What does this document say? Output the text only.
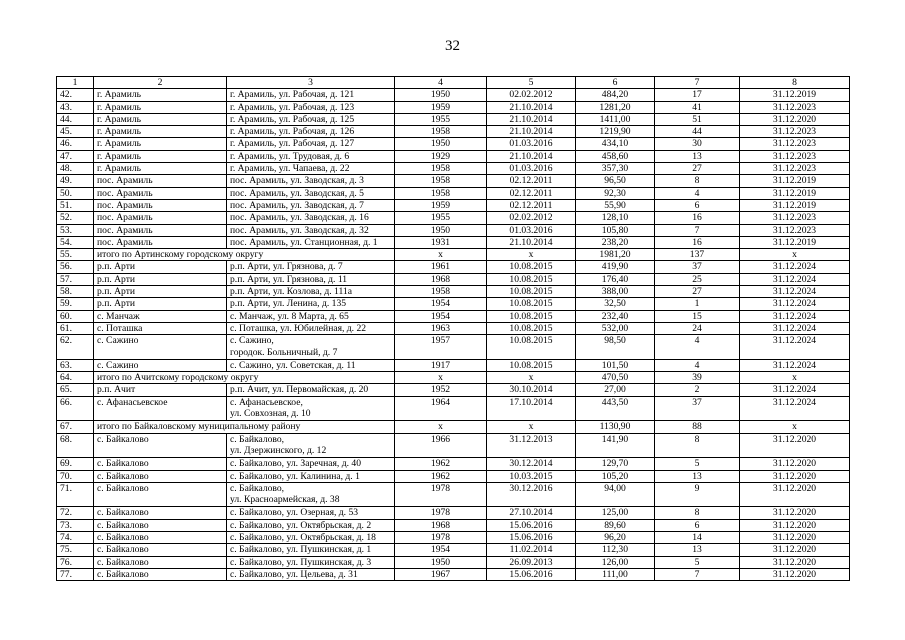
32
1	2	3	4	5	6	7	8
42.	г. Арамиль	г. Арамиль, ул. Рабочая, д. 121	1950	02.02.2012	484,20	17	31.12.2019
43.	г. Арамиль	г. Арамиль, ул. Рабочая, д. 123	1959	21.10.2014	1281,20	41	31.12.2023
44.	г. Арамиль	г. Арамиль, ул. Рабочая, д. 125	1955	21.10.2014	1411,00	51	31.12.2020
45.	г. Арамиль	г. Арамиль, ул. Рабочая, д. 126	1958	21.10.2014	1219,90	44	31.12.2023
46.	г. Арамиль	г. Арамиль, ул. Рабочая, д. 127	1950	01.03.2016	434,10	30	31.12.2023
47.	г. Арамиль	г. Арамиль, ул. Трудовая, д. 6	1929	21.10.2014	458,60	13	31.12.2023
48.	г. Арамиль	г. Арамиль, ул. Чапаева, д. 22	1958	01.03.2016	357,30	27	31.12.2023
49.	пос. Арамиль	пос. Арамиль, ул. Заводская, д. 3	1958	02.12.2011	96,50	8	31.12.2019
50.	пос. Арамиль	пос. Арамиль, ул. Заводская, д. 5	1958	02.12.2011	92,30	4	31.12.2019
51.	пос. Арамиль	пос. Арамиль, ул. Заводская, д. 7	1959	02.12.2011	55,90	6	31.12.2019
52.	пос. Арамиль	пос. Арамиль, ул. Заводская, д. 16	1955	02.02.2012	128,10	16	31.12.2023
53.	пос. Арамиль	пос. Арамиль, ул. Заводская, д. 32	1950	01.03.2016	105,80	7	31.12.2023
54.	пос. Арамиль	пос. Арамиль, ул. Станционная, д. 1	1931	21.10.2014	238,20	16	31.12.2019
55.	итого по Артинскому городскому округу		x	x	1981,20	137	x
56.	р.п. Арти	р.п. Арти, ул. Грязнова, д. 7	1961	10.08.2015	419,90	37	31.12.2024
57.	р.п. Арти	р.п. Арти, ул. Грязнова, д. 11	1968	10.08.2015	176,40	25	31.12.2024
58.	р.п. Арти	р.п. Арти, ул. Козлова, д. 111а	1958	10.08.2015	388,00	27	31.12.2024
59.	р.п. Арти	р.п. Арти, ул. Ленина, д. 135	1954	10.08.2015	32,50	1	31.12.2024
60.	с. Манчаж	с. Манчаж, ул. 8 Марта, д. 65	1954	10.08.2015	232,40	15	31.12.2024
61.	с. Поташка	с. Поташка, ул. Юбилейная, д. 22	1963	10.08.2015	532,00	24	31.12.2024
62.	с. Сажино	с. Сажино,
городок. Больничный, д. 7	1957	10.08.2015	98,50	4	31.12.2024
63.	с. Сажино	с. Сажино, ул. Советская, д. 11	1917	10.08.2015	101,50	4	31.12.2024
64.	итого по Ачитскому городскому округу		x	x	470,50	39	x
65.	р.п. Ачит	р.п. Ачит, ул. Первомайская, д. 20	1952	30.10.2014	27,00	2	31.12.2024
66.	с. Афанасьевское	с. Афанасьевское,
ул. Совхозная, д. 10	1964	17.10.2014	443,50	37	31.12.2024
67.	итого по Байкаловскому муниципальному району		x	x	1130,90	88	x
68.	с. Байкалово	с. Байкалово,
ул. Дзержинского, д. 12	1966	31.12.2013	141,90	8	31.12.2020
69.	с. Байкалово	с. Байкалово, ул. Заречная, д. 40	1962	30.12.2014	129,70	5	31.12.2020
70.	с. Байкалово	с. Байкалово, ул. Калинина, д. 1	1962	10.03.2015	105,20	13	31.12.2020
71.	с. Байкалово	с. Байкалово,
ул. Красноармейская, д. 38	1978	30.12.2016	94,00	9	31.12.2020
72.	с. Байкалово	с. Байкалово, ул. Озерная, д. 53	1978	27.10.2014	125,00	8	31.12.2020
73.	с. Байкалово	с. Байкалово, ул. Октябрьская, д. 2	1968	15.06.2016	89,60	6	31.12.2020
74.	с. Байкалово	с. Байкалово, ул. Октябрьская, д. 18	1978	15.06.2016	96,20	14	31.12.2020
75.	с. Байкалово	с. Байкалово, ул. Пушкинская, д. 1	1954	11.02.2014	112,30	13	31.12.2020
76.	с. Байкалово	с. Байкалово, ул. Пушкинская, д. 3	1950	26.09.2013	126,00	5	31.12.2020
77.	с. Байкалово	с. Байкалово, ул. Цельева, д. 31	1967	15.06.2016	111,00	7	31.12.2020
